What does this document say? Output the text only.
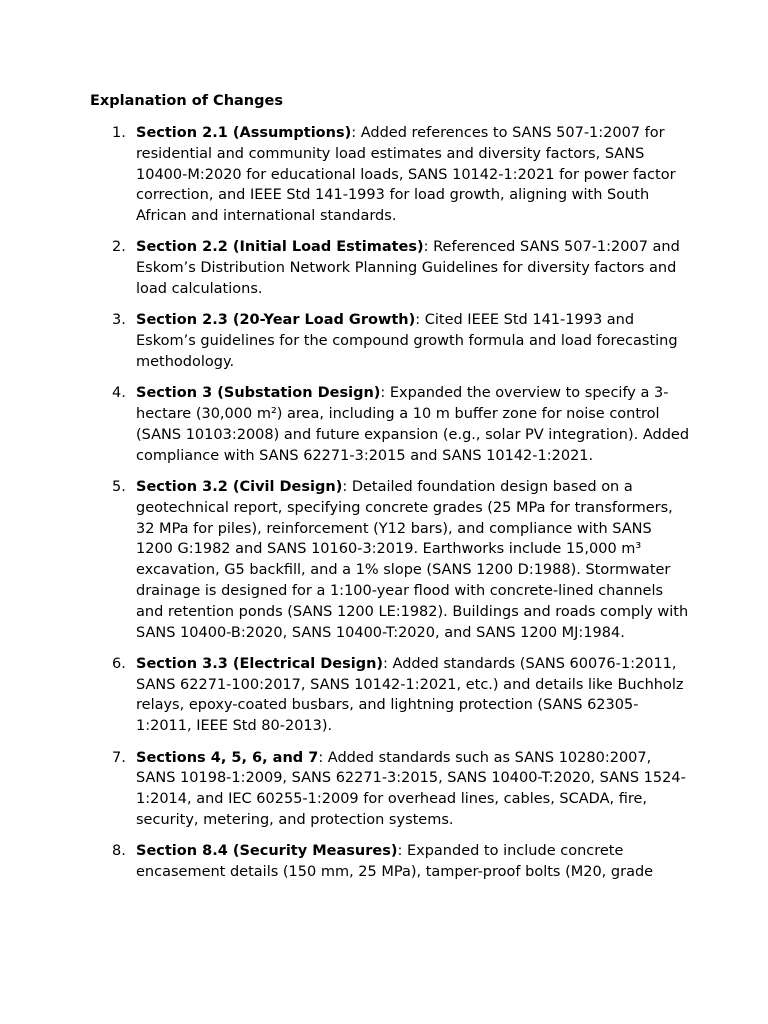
Explanation of Changes
1. Section 2.1 (Assumptions): Added references to SANS 507-1:2007 for residential and community load estimates and diversity factors, SANS 10400-M:2020 for educational loads, SANS 10142-1:2021 for power factor correction, and IEEE Std 141-1993 for load growth, aligning with South African and international standards.
2. Section 2.2 (Initial Load Estimates): Referenced SANS 507-1:2007 and Eskom’s Distribution Network Planning Guidelines for diversity factors and load calculations.
3. Section 2.3 (20-Year Load Growth): Cited IEEE Std 141-1993 and Eskom’s guidelines for the compound growth formula and load forecasting methodology.
4. Section 3 (Substation Design): Expanded the overview to specify a 3-hectare (30,000 m²) area, including a 10 m buffer zone for noise control (SANS 10103:2008) and future expansion (e.g., solar PV integration). Added compliance with SANS 62271-3:2015 and SANS 10142-1:2021.
5. Section 3.2 (Civil Design): Detailed foundation design based on a geotechnical report, specifying concrete grades (25 MPa for transformers, 32 MPa for piles), reinforcement (Y12 bars), and compliance with SANS 1200 G:1982 and SANS 10160-3:2019. Earthworks include 15,000 m³ excavation, G5 backfill, and a 1% slope (SANS 1200 D:1988). Stormwater drainage is designed for a 1:100-year flood with concrete-lined channels and retention ponds (SANS 1200 LE:1982). Buildings and roads comply with SANS 10400-B:2020, SANS 10400-T:2020, and SANS 1200 MJ:1984.
6. Section 3.3 (Electrical Design): Added standards (SANS 60076-1:2011, SANS 62271-100:2017, SANS 10142-1:2021, etc.) and details like Buchholz relays, epoxy-coated busbars, and lightning protection (SANS 62305-1:2011, IEEE Std 80-2013).
7. Sections 4, 5, 6, and 7: Added standards such as SANS 10280:2007, SANS 10198-1:2009, SANS 62271-3:2015, SANS 10400-T:2020, SANS 1524-1:2014, and IEC 60255-1:2009 for overhead lines, cables, SCADA, fire, security, metering, and protection systems.
8. Section 8.4 (Security Measures): Expanded to include concrete encasement details (150 mm, 25 MPa), tamper-proof bolts (M20, grade
